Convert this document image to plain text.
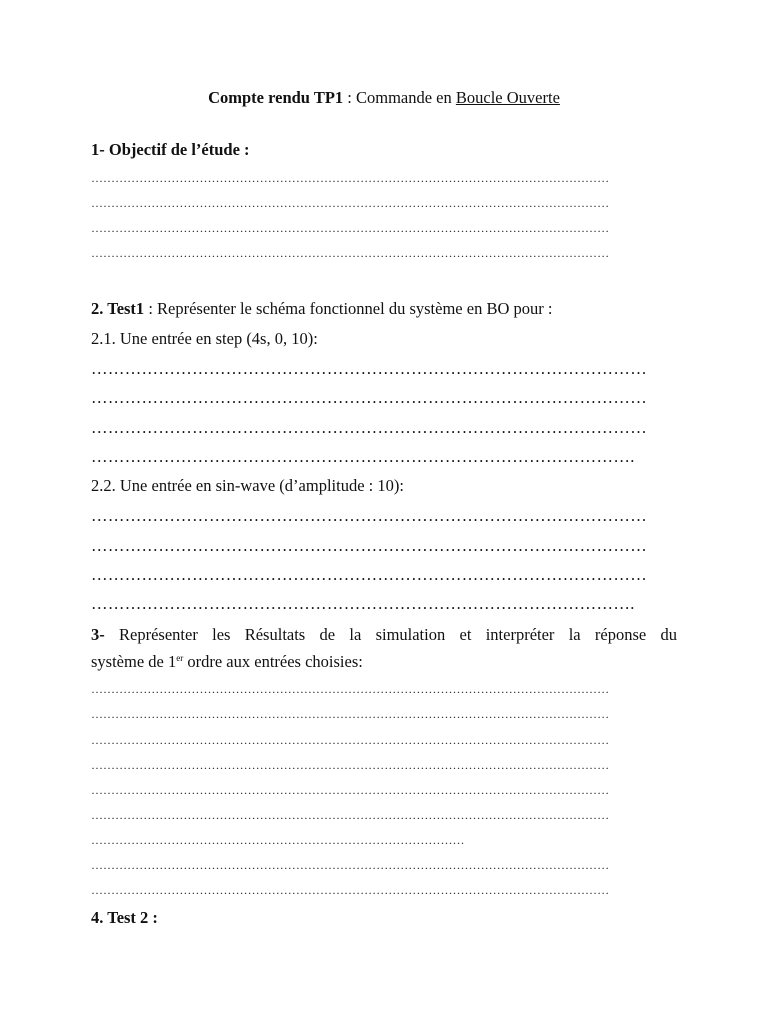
Compte rendu TP1 : Commande en Boucle Ouverte
1- Objectif de l’étude :
…………………………………………………………………………………………………………………
…………………………………………………………………………………………………………………
…………………………………………………………………………………………………………………
…………………………………………………………………………………………………………………
2. Test1 : Représenter le schéma fonctionnel du système en BO pour :
2.1. Une entrée en step (4s, 0, 10):
………………………………………………………………………………………
………………………………………………………………………………………
………………………………………………………………………………………
…………………………………………………………………………………….
2.2. Une entrée en sin-wave (d’amplitude : 10):
………………………………………………………………………………………
………………………………………………………………………………………
………………………………………………………………………………………
…………………………………………………………………………………….
3- Représenter les Résultats de la simulation et interpréter la réponse du
système de 1er ordre aux entrées choisies:
…………………………………………………………………………………………………………………
…………………………………………………………………………………………………………………
…………………………………………………………………………………………………………………
…………………………………………………………………………………………………………………
…………………………………………………………………………………………………………………
…………………………………………………………………………………………………………………
…………………………………………………………………………………
…………………………………………………………………………………………………………………
…………………………………………………………………………………………………………………
4. Test 2 :
